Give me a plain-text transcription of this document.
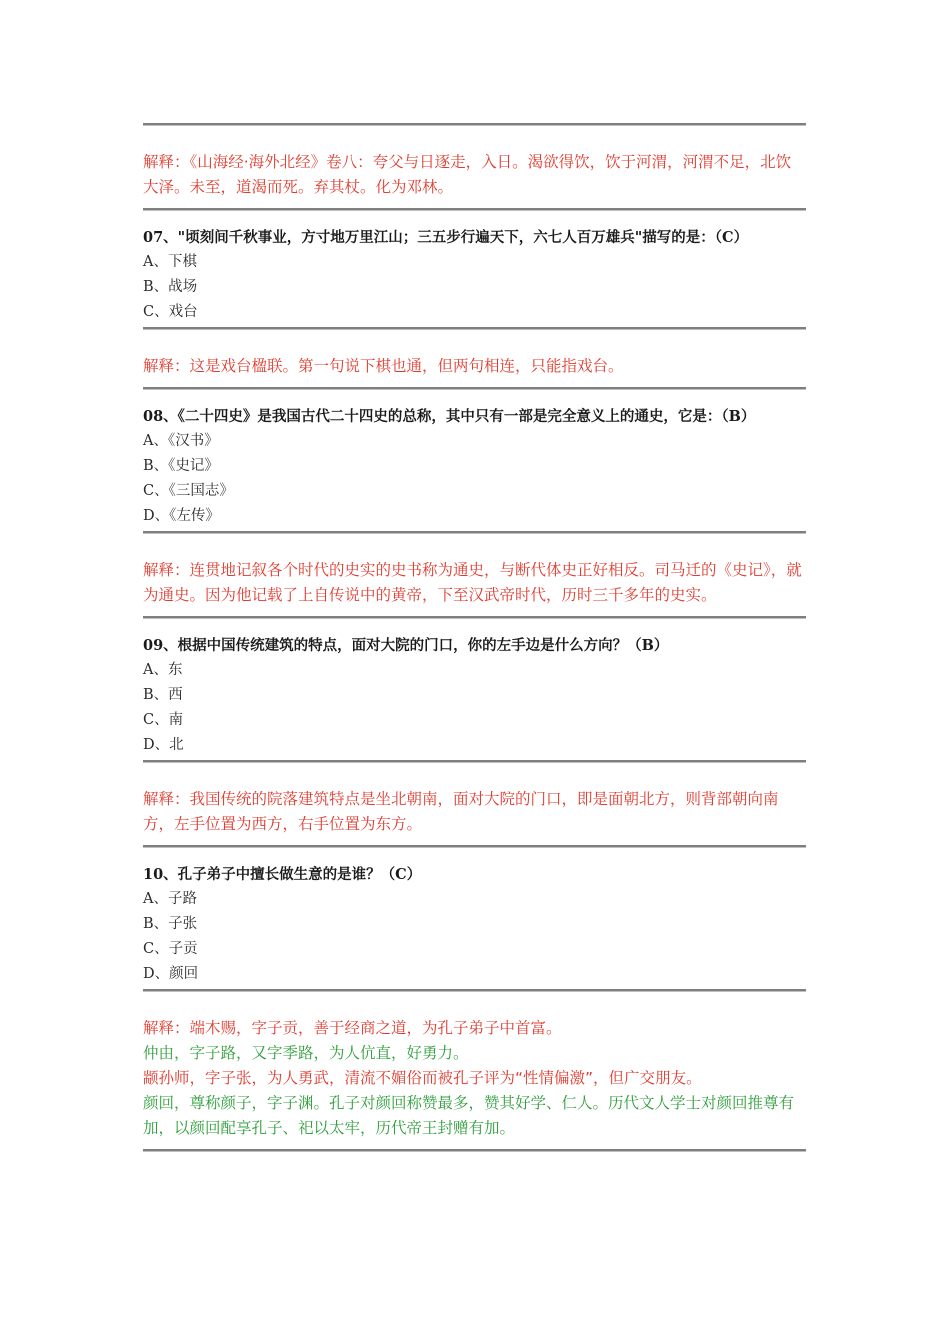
解释：《山海经·海外北经》卷八：夸父与日逐走，入日。渴欲得饮，饮于河渭，河渭不足，北饮大泽。未至，道渴而死。弃其杖。化为邓林。

07、"顷刻间千秋事业，方寸地万里江山；三五步行遍天下，六七人百万雄兵"描写的是：（C）

A、下棋

B、战场

C、戏台

解释：这是戏台楹联。第一句说下棋也通，但两句相连，只能指戏台。

08、《二十四史》是我国古代二十四史的总称，其中只有一部是完全意义上的通史，它是：（B）

A、《汉书》

B、《史记》

C、《三国志》

D、《左传》

解释：连贯地记叙各个时代的史实的史书称为通史，与断代体史正好相反。司马迁的《史记》，就为通史。因为他记载了上自传说中的黄帝，下至汉武帝时代，历时三千多年的史实。

09、根据中国传统建筑的特点，面对大院的门口，你的左手边是什么方向？（B）

A、东

B、西

C、南

D、北

解释：我国传统的院落建筑特点是坐北朝南，面对大院的门口，即是面朝北方，则背部朝向南方，左手位置为西方，右手位置为东方。

10、孔子弟子中擅长做生意的是谁？（C）

A、子路

B、子张

C、子贡

D、颜回

解释：端木赐，字子贡，善于经商之道，为孔子弟子中首富。
仲由，字子路，又字季路，为人伉直，好勇力。
颛孙师，字子张，为人勇武，清流不媚俗而被孔子评为“性情偏激”，但广交朋友。
颜回，尊称颜子，字子渊。孔子对颜回称赞最多，赞其好学、仁人。历代文人学士对颜回推尊有加，以颜回配享孔子、祀以太牢，历代帝王封赠有加。
